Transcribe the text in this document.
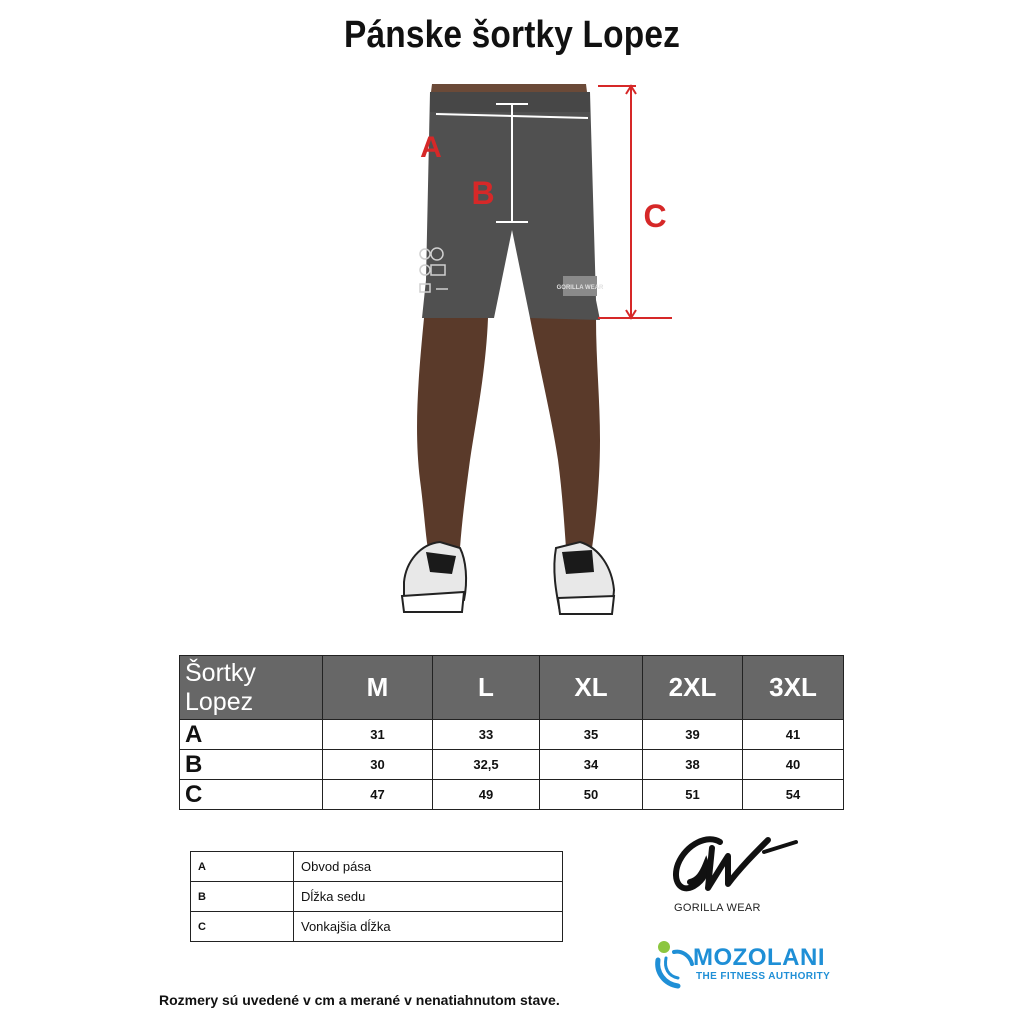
Pánske šortky Lopez
GORILLA WEAR
A
B
C
Šortky
Lopez	M	L	XL	2XL	3XL
A	31	33	35	39	41
B	30	32,5	34	38	40
C	47	49	50	51	54
A	Obvod pása
B	Dĺžka sedu
C	Vonkajšia dĺžka
GORILLA WEAR
MOZOLANI
THE FITNESS AUTHORITY
Rozmery sú uvedené v cm a merané v nenatiahnutom stave.
